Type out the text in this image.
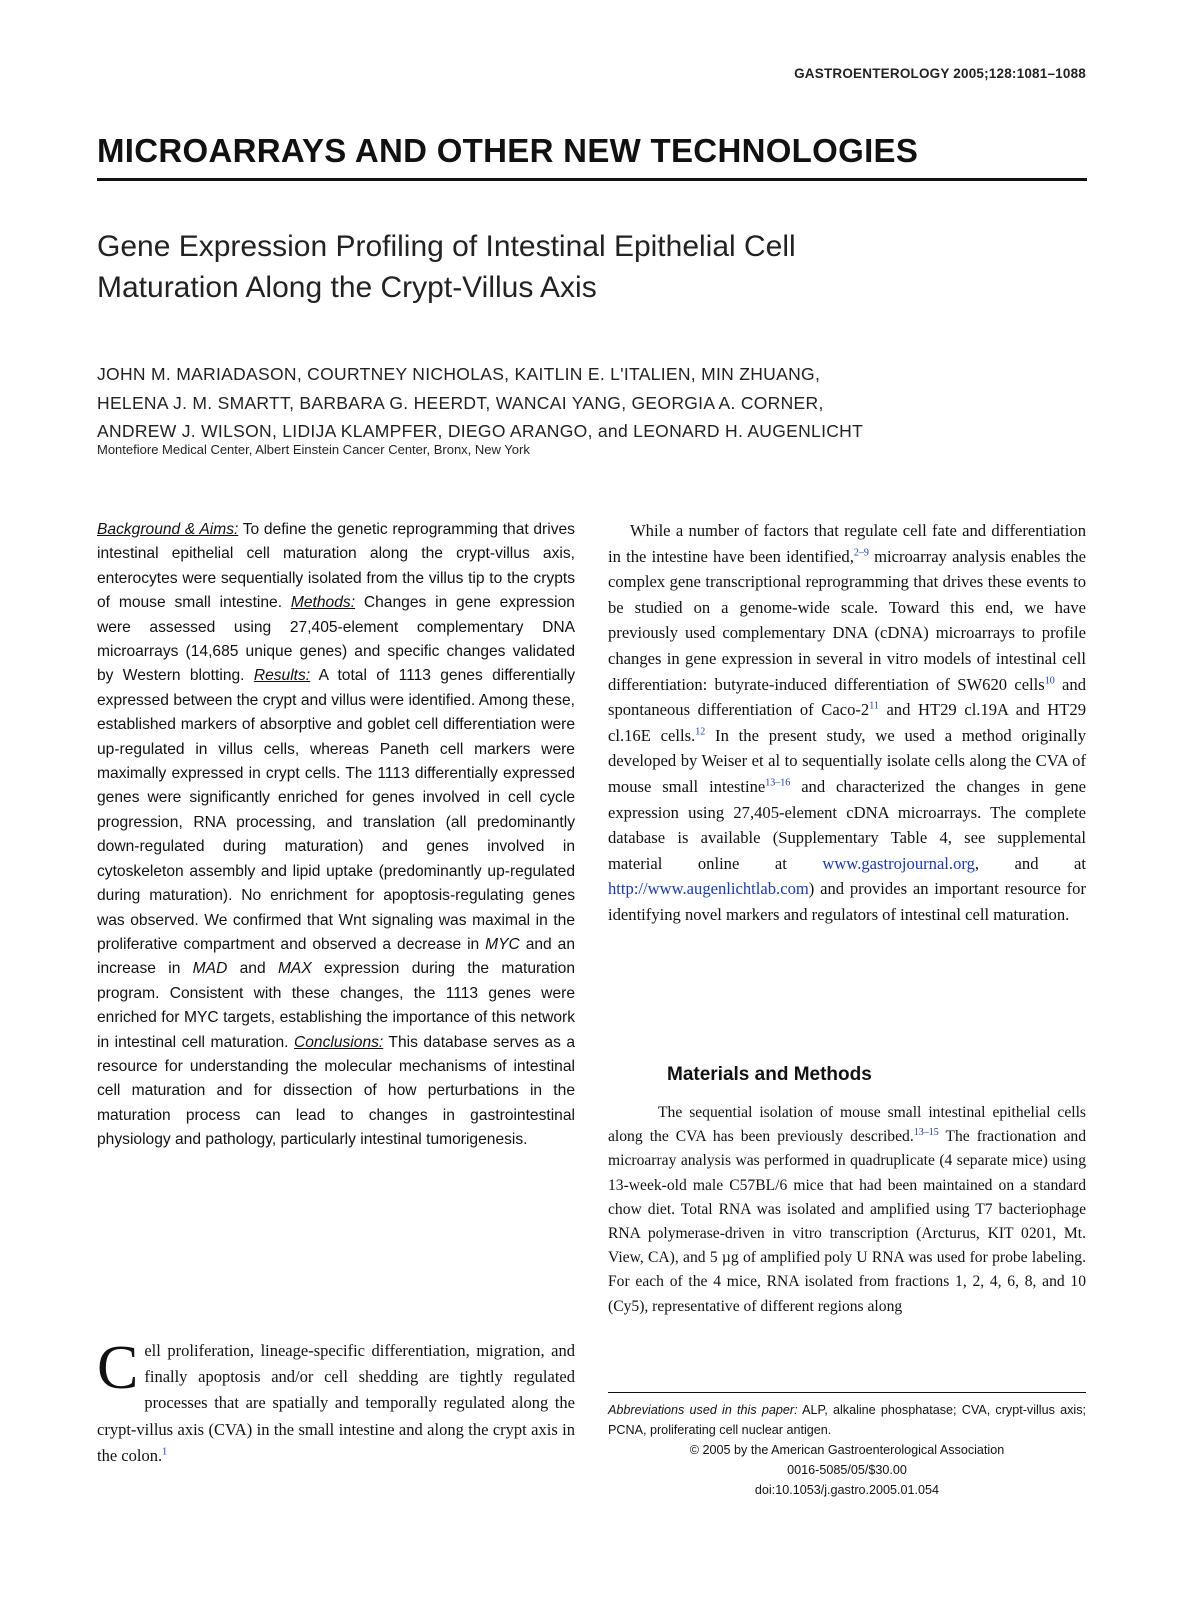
GASTROENTEROLOGY 2005;128:1081–1088
MICROARRAYS AND OTHER NEW TECHNOLOGIES
Gene Expression Profiling of Intestinal Epithelial Cell
Maturation Along the Crypt-Villus Axis
JOHN M. MARIADASON, COURTNEY NICHOLAS, KAITLIN E. L'ITALIEN, MIN ZHUANG,
HELENA J. M. SMARTT, BARBARA G. HEERDT, WANCAI YANG, GEORGIA A. CORNER,
ANDREW J. WILSON, LIDIJA KLAMPFER, DIEGO ARANGO, and LEONARD H. AUGENLICHT
Montefiore Medical Center, Albert Einstein Cancer Center, Bronx, New York
Background & Aims: To define the genetic reprogramming that drives intestinal epithelial cell maturation along the crypt-villus axis, enterocytes were sequentially isolated from the villus tip to the crypts of mouse small intestine. Methods: Changes in gene expression were assessed using 27,405-element complementary DNA microarrays (14,685 unique genes) and specific changes validated by Western blotting. Results: A total of 1113 genes differentially expressed between the crypt and villus were identified. Among these, established markers of absorptive and goblet cell differentiation were up-regulated in villus cells, whereas Paneth cell markers were maximally expressed in crypt cells. The 1113 differentially expressed genes were significantly enriched for genes involved in cell cycle progression, RNA processing, and translation (all predominantly down-regulated during maturation) and genes involved in cytoskeleton assembly and lipid uptake (predominantly up-regulated during maturation). No enrichment for apoptosis-regulating genes was observed. We confirmed that Wnt signaling was maximal in the proliferative compartment and observed a decrease in MYC and an increase in MAD and MAX expression during the maturation program. Consistent with these changes, the 1113 genes were enriched for MYC targets, establishing the importance of this network in intestinal cell maturation. Conclusions: This database serves as a resource for understanding the molecular mechanisms of intestinal cell maturation and for dissection of how perturbations in the maturation process can lead to changes in gastrointestinal physiology and pathology, particularly intestinal tumorigenesis.
Cell proliferation, lineage-specific differentiation, migration, and finally apoptosis and/or cell shedding are tightly regulated processes that are spatially and temporally regulated along the crypt-villus axis (CVA) in the small intestine and along the crypt axis in the colon.$^1$

While a number of factors that regulate cell fate and differentiation in the intestine have been identified,$^{2-9}$ microarray analysis enables the complex gene transcriptional reprogramming that drives these events to be studied on a genome-wide scale. Toward this end, we have previously used complementary DNA (cDNA) microarrays to profile changes in gene expression in several in vitro models of intestinal cell differentiation: butyrate-induced differentiation of SW620 cells$^{10}$ and spontaneous differentiation of Caco-$2^{11}$ and HT29 cl.19A and HT29 cl.16E cells.$^{12}$ In the present study, we used a method originally developed by Weiser et al to sequentially isolate cells along the CVA of mouse small intestine$^{13-16}$ and characterized the changes in gene expression using 27,405-element cDNA microarrays. The complete database is available (Supplementary Table 4, see supplemental material online at www.gastrojournal.org, and at http://www.augenlichtlab.com) and provides an important resource for identifying novel markers and regulators of intestinal cell maturation.

Materials and Methods

The sequential isolation of mouse small intestinal epithelial cells along the CVA has been previously described.$^{13-15}$ The fractionation and microarray analysis was performed in quadruplicate (4 separate mice) using 13-week-old male C57BL/6 mice that had been maintained on a standard chow diet. Total RNA was isolated and amplified using T7 bacteriophage RNA polymerase-driven in vitro transcription (Arcturus, KIT 0201, Mt. View, CA), and 5 µg of amplified poly U RNA was used for probe labeling. For each of the 4 mice, RNA isolated from fractions 1, 2, 4, 6, 8, and 10 (Cy5), representative of different regions along

Abbreviations used in this paper: ALP, alkaline phosphatase; CVA, crypt-villus axis; PCNA, proliferating cell nuclear antigen.
© 2005 by the American Gastroenterological Association
0016-5085/05/$30.00
doi:10.1053/j.gastro.2005.01.054
